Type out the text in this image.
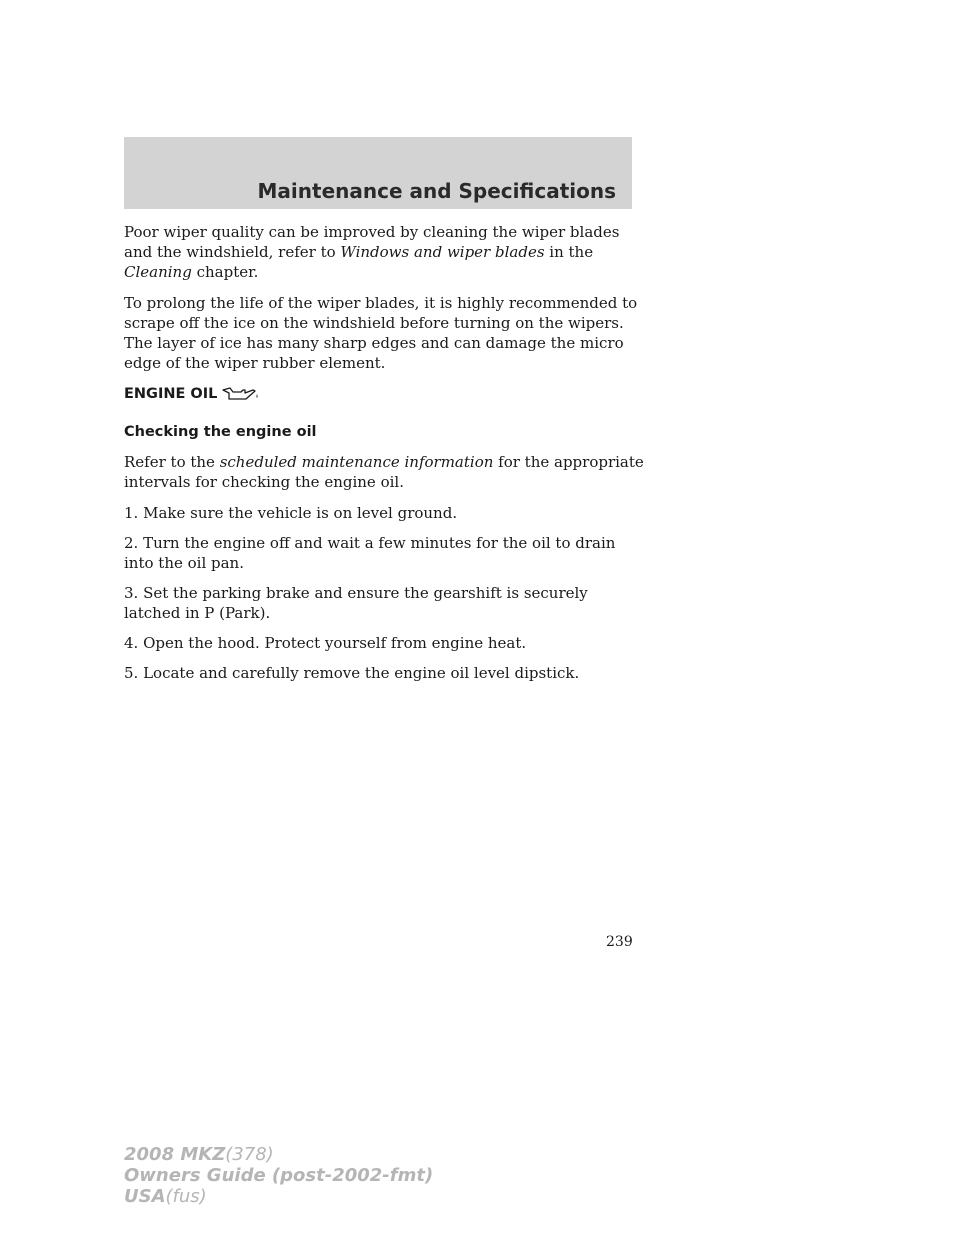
Maintenance and Specifications

Poor wiper quality can be improved by cleaning the wiper blades and the windshield, refer to Windows and wiper blades in the Cleaning chapter.

To prolong the life of the wiper blades, it is highly recommended to scrape off the ice on the windshield before turning on the wipers. The layer of ice has many sharp edges and can damage the micro edge of the wiper rubber element.

ENGINE OIL
Checking the engine oil

Refer to the scheduled maintenance information for the appropriate intervals for checking the engine oil.

1. Make sure the vehicle is on level ground.

2. Turn the engine off and wait a few minutes for the oil to drain into the oil pan.

3. Set the parking brake and ensure the gearshift is securely latched in P (Park).

4. Open the hood. Protect yourself from engine heat.

5. Locate and carefully remove the engine oil level dipstick.

239
2008 MKZ(378)
Owners Guide (post-2002-fmt)
USA(fus)
